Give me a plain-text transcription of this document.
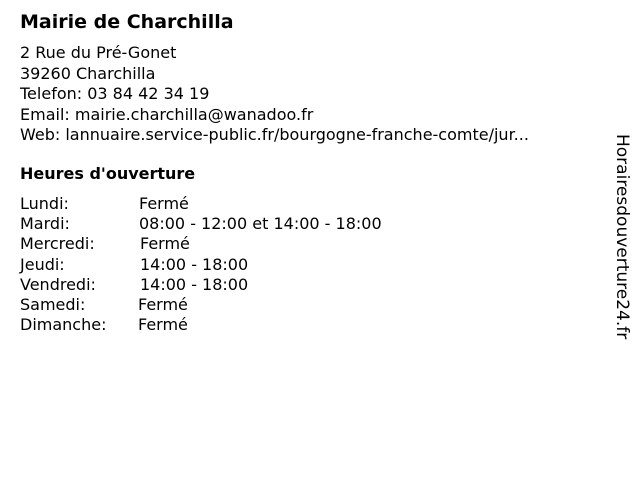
Mairie de Charchilla
2 Rue du Pré-Gonet
39260 Charchilla
Telefon: 03 84 42 34 19
Email: mairie.charchilla@wanadoo.fr
Web: lannuaire.service-public.fr/bourgogne-franche-comte/jur...
Heures d'ouverture
Lundi:	Fermé
Mardi:	08:00 - 12:00 et 14:00 - 18:00
Mercredi:	Fermé
Jeudi:	14:00 - 18:00
Vendredi:	14:00 - 18:00
Samedi:	Fermé
Dimanche: Fermé	Horairesdouverture24.fr
